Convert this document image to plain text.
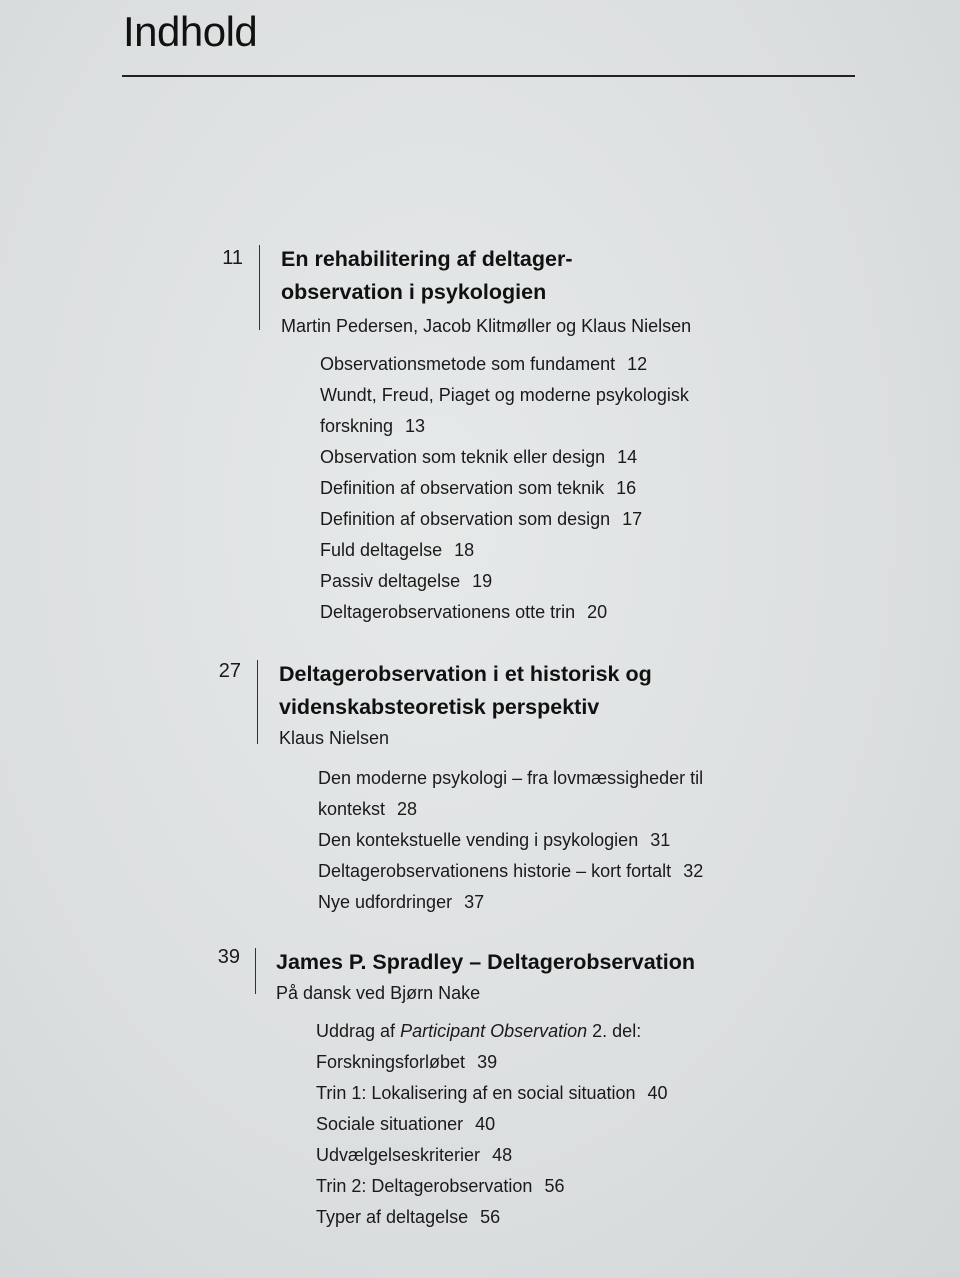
Indhold
11 En rehabilitering af deltager-
observation i psykologien
Martin Pedersen, Jacob Klitmøller og Klaus Nielsen
Observationsmetode som fundament 12
Wundt, Freud, Piaget og moderne psykologisk
forskning 13
Observation som teknik eller design 14
Definition af observation som teknik 16
Definition af observation som design 17
Fuld deltagelse 18
Passiv deltagelse 19
Deltagerobservationens otte trin 20
27 Deltagerobservation i et historisk og
videnskabsteoretisk perspektiv
Klaus Nielsen
Den moderne psykologi – fra lovmæssigheder til
kontekst 28
Den kontekstuelle vending i psykologien 31
Deltagerobservationens historie – kort fortalt 32
Nye udfordringer 37
39 James P. Spradley – Deltagerobservation
På dansk ved Bjørn Nake
Uddrag af Participant Observation 2. del:
Forskningsforløbet 39
Trin 1: Lokalisering af en social situation 40
Sociale situationer 40
Udvælgelseskriterier 48
Trin 2: Deltagerobservation 56
Typer af deltagelse 56
